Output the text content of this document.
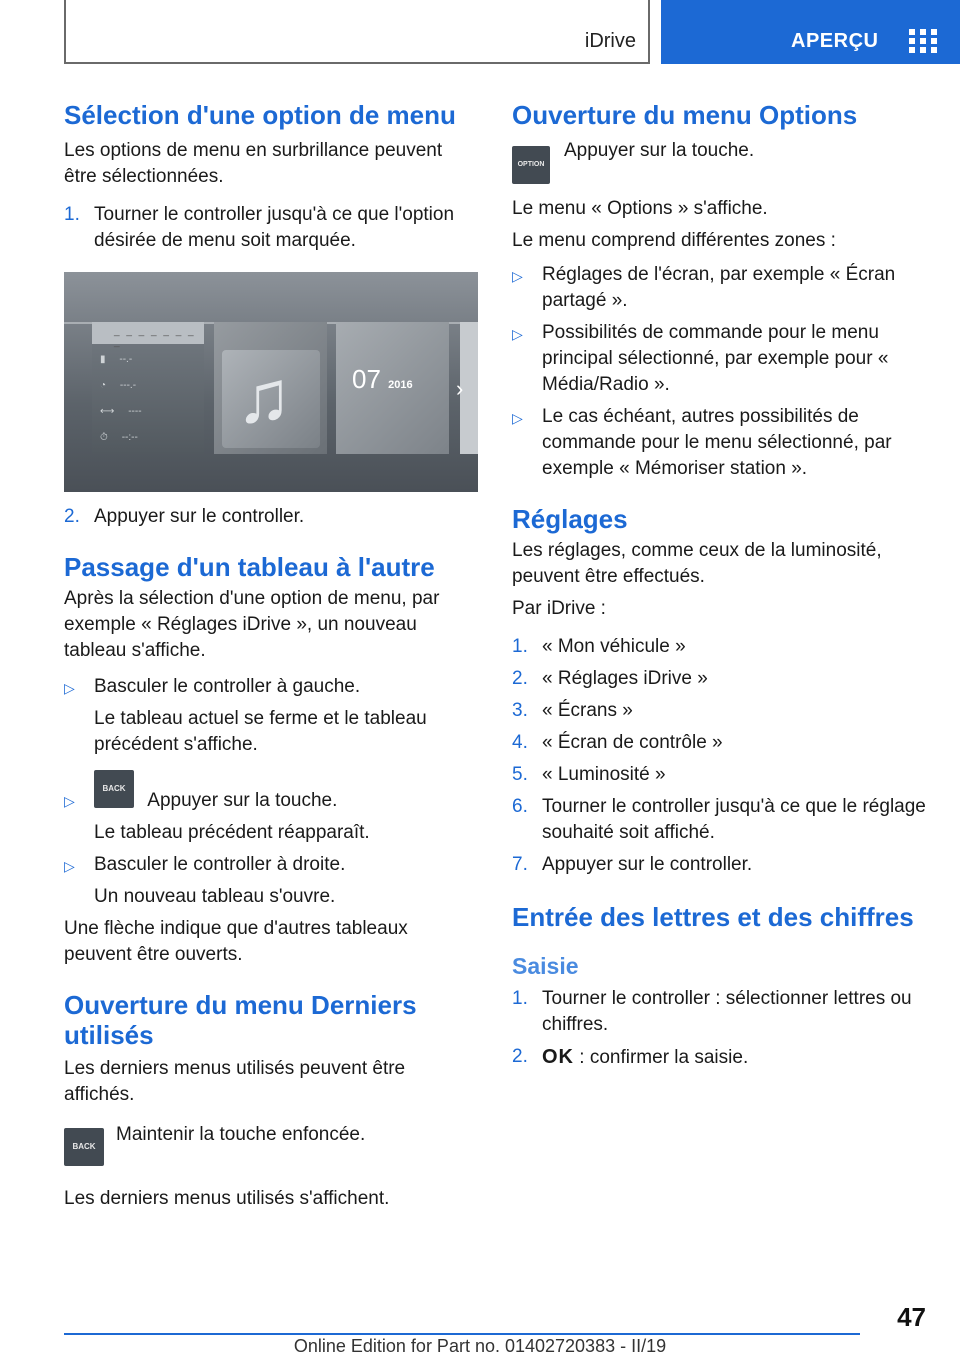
iDrive	APERÇU
Sélection d'une option de menu

Les options de menu en surbrillance peuvent être sélectionnées.

1. Tourner le controller jusqu'à ce que l'option désirée de menu soit marquée.
_ _ _ _ _ _ _ _
▮     --.-
◔     ---.-
⟷     ----
⏱     --:-- ♫ 07 2016 ›
2. Appuyer sur le controller.
Passage d'un tableau à l'autre

Après la sélection d'une option de menu, par exemple « Réglages iDrive », un nouveau tableau s'affiche.

▷ Basculer le controller à gauche.
Le tableau actuel se ferme et le tableau précédent s'affiche.
▷
BACK Appuyer sur la touche.
Le tableau précédent réapparaît.
▷ Basculer le controller à droite.
Un nouveau tableau s'ouvre.

Une flèche indique que d'autres tableaux peuvent être ouverts.

Ouverture du menu Derniers utilisés

Les derniers menus utilisés peuvent être affichés.

BACK
Maintenir la touche enfoncée.

Les derniers menus utilisés s'affichent.

Ouverture du menu Options
OPTION
Appuyer sur la touche.

Le menu « Options » s'affiche.

Le menu comprend différentes zones :

▷ Réglages de l'écran, par exemple « Écran partagé ».
▷ Possibilités de commande pour le menu principal sélectionné, par exemple pour « Média/Radio ».
▷ Le cas échéant, autres possibilités de commande pour le menu sélectionné, par exemple « Mémoriser station ».
Réglages

Les réglages, comme ceux de la luminosité, peuvent être effectués.

Par iDrive :

1. « Mon véhicule »
2. « Réglages iDrive »
3. « Écrans »
4. « Écran de contrôle »
5. « Luminosité »
6. Tourner le controller jusqu'à ce que le réglage souhaité soit affiché.
7. Appuyer sur le controller.
Entrée des lettres et des chiffres
Saisie
1. Tourner le controller : sélectionner lettres ou chiffres.
2. OK : confirmer la saisie.
47
Online Edition for Part no. 01402720383 - II/19
